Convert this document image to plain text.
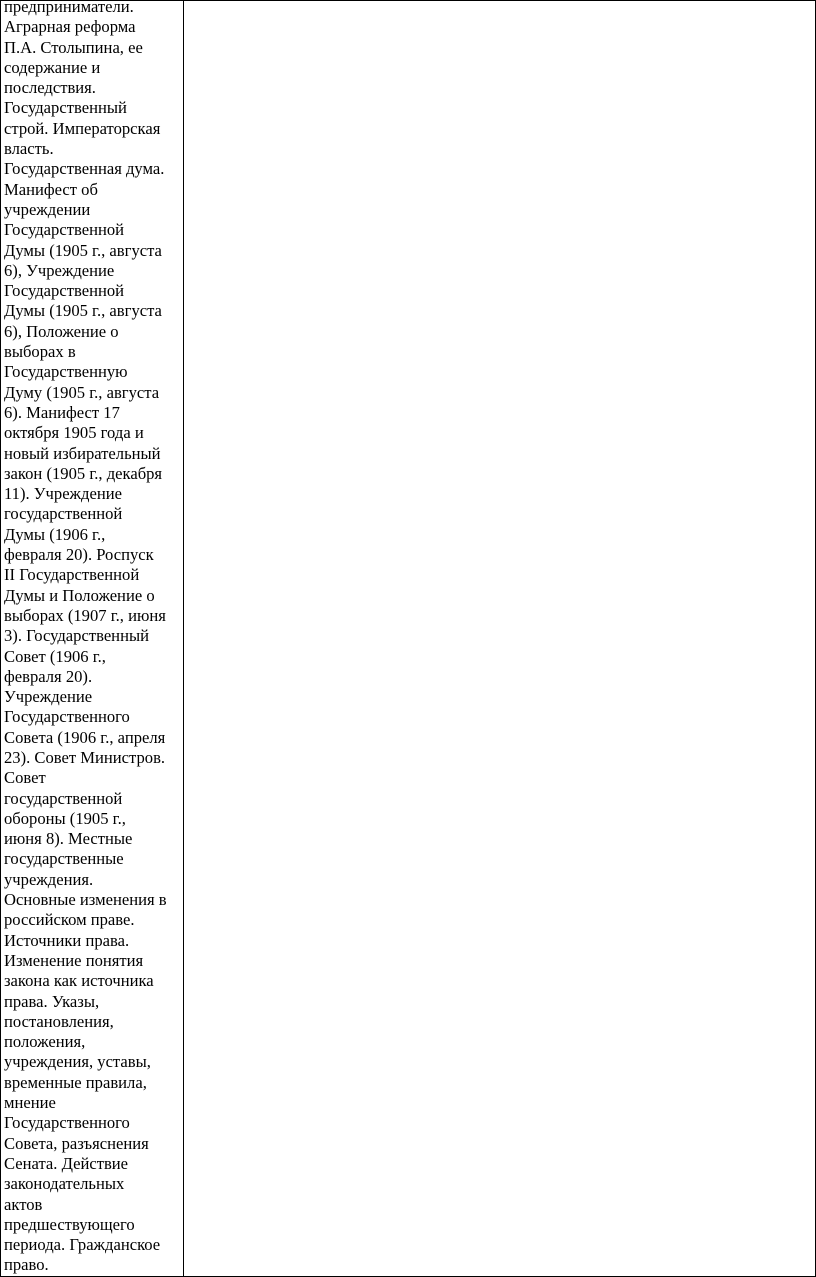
предприниматели.
Аграрная реформа
П.А. Столыпина, ее
содержание и
последствия.
Государственный
строй. Императорская
власть.
Государственная дума.
Манифест об
учреждении
Государственной
Думы (1905 г., августа
6), Учреждение
Государственной
Думы (1905 г., августа
6), Положение о
выборах в
Государственную
Думу (1905 г., августа
6). Манифест 17
октября 1905 года и
новый избирательный
закон (1905 г., декабря
11). Учреждение
государственной
Думы (1906 г.,
февраля 20). Роспуск
II Государственной
Думы и Положение о
выборах (1907 г., июня
3). Государственный
Совет (1906 г.,
февраля 20).
Учреждение
Государственного
Совета (1906 г., апреля
23). Совет Министров.
Совет
государственной
обороны (1905 г.,
июня 8). Местные
государственные
учреждения.
Основные изменения в
российском праве.
Источники права.
Изменение понятия
закона как источника
права. Указы,
постановления,
положения,
учреждения, уставы,
временные правила,
мнение
Государственного
Совета, разъяснения
Сената. Действие
законодательных
актов
предшествующего
периода. Гражданское
право.
